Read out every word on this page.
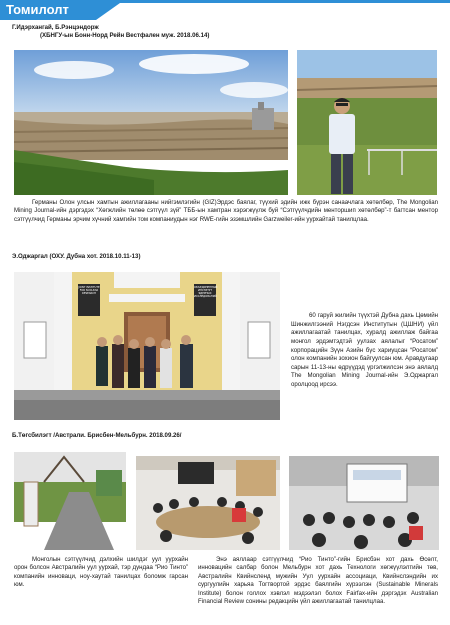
Томилолт
Г.Идэрхангай, Б.Рэнцэндорж
(ХБНГУ-ын Бонн-Норд Рейн Вестфален муж. 2018.06.14)
Германы Олон улсын хамтын ажиллагааны нийгэмлэгийн (GIZ)Эрдэс баялаг, түүхий эдийн ижк бүрэн санаачлага хөтөлбөр, The Mongolian Mining Journal-ийн дэргэдэх “Хөгжлийн төлөө сэтгүүл зүй” ТББ-ын хамтран хэрэгжүүлж буй “Сэтгүүлчдийн менторшип хөтөлбөр”-т багтсан ментор сэтгүүлчид Германы эрчим хүчний хамгийн том компаниудын нэг RWE-гийн эзэмшлийн Garzweiler-ийн уурхайтай танилцлаа.
Э.Оджаргал (ОХУ. Дубна хот. 2018.10.11-13)
JOINT INSTITUTE FOR NUCLEAR RESEARCH
ОБЪЕДИНЕННЫЙ ИНСТИТУТ ЯДЕРНЫХ ИССЛЕДОВАНИЙ
60 гаруй жилийн түүхтэй Дубна дахь Цөмийн Шинжилгээний Нэгдсэн Институтын (ЦШНИ) үйл ажиллагаатай танилцах, хуралд ажиллаж байгаа монгол эрдэмтэдтэй уулзах аялалыг “Росатом” корпорацийн Зүүн Азийн бүс хариуцсан “Росатом” олон компанийн зохион байгуулсан юм. Аравдугаар сарын 11-13-ны өдрүүдэд үргэлжилсэн энэ аялалд The Mongolian Mining Journal-ийн Э.Оджаргал оролцоод ирсээ.
Б.Төгсбилэгт /Австрали. Брисбен-Мельбурн. 2018.09.26/
Монголын сэтгүүлчид дэлхийн шилдэг уул уурхайн орон болсон Австралийн уул уурхай, тэр дундаа “Рио Тинто” компанийн инноваци, ноу-хаутай танилцах боломж гарсан юм.
Энэ аяллаар сэтгүүлчид “Рио Тинто”-гийн Брисбэн хот дахь Өсөлт, инновацийн салбар болон Мельбурн хот дахь Технологи хөгжүүлэлтийн төв, Австралийн Квийнсленд мужийн Уул уурхайн ассоциаци, Квийнслэндийн их сургуулийн харьяа Тогтвортой эрдэс баялгийн хүрээлэн (Sustainable Minerals Institute) болон голлох хэвлэл мэдээлэл болох Fairfax-ийн дэргэдэх Australian Financial Review сонины редакцийн үйл ажиллагаатай танилцлаа.
